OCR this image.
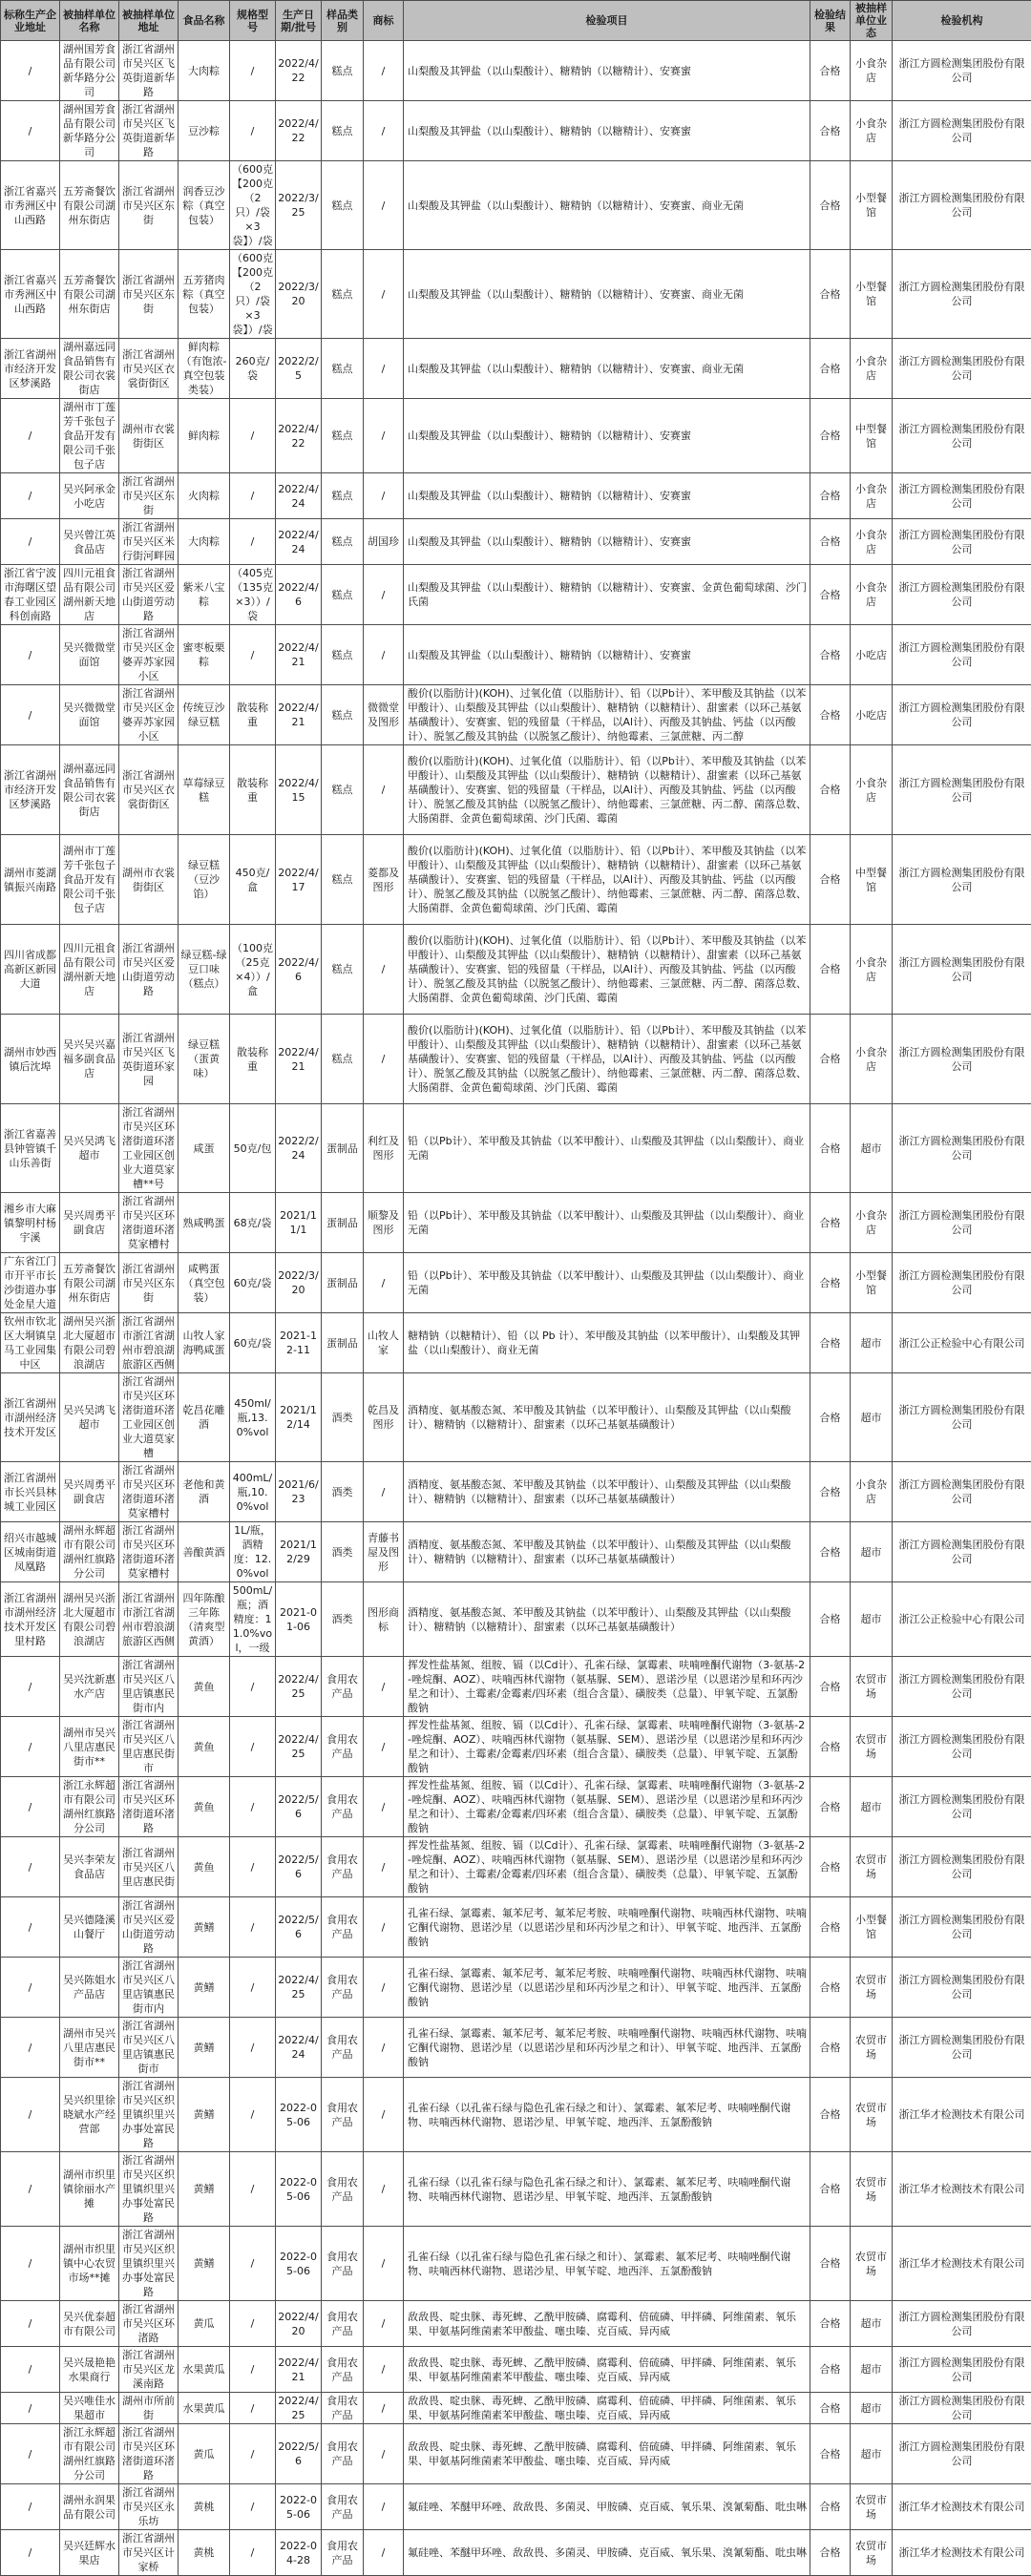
标称生产企业地址	被抽样单位名称	被抽样单位地址	食品名称	规格型号	生产日期/批号	样品类别	商标	检验项目	检验结果	被抽样单位业态	检验机构
/	湖州国芳食品有限公司新华路分公司	浙江省湖州市吴兴区飞英街道新华路	大肉粽	/	2022/4/22	糕点	/	山梨酸及其钾盐（以山梨酸计）、糖精钠（以糖精计）、安赛蜜	合格	小食杂店	浙江方圆检测集团股份有限公司
/	湖州国芳食品有限公司新华路分公司	浙江省湖州市吴兴区飞英街道新华路	豆沙粽	/	2022/4/22	糕点	/	山梨酸及其钾盐（以山梨酸计）、糖精钠（以糖精计）、安赛蜜	合格	小食杂店	浙江方圆检测集团股份有限公司
浙江省嘉兴市秀洲区中山西路	五芳斋餐饮有限公司湖州东街店	浙江省湖州市吴兴区东街	润香豆沙粽（真空包装）	（600克【200克（2只）/袋×3袋】）/袋	2022/3/25	糕点	/	山梨酸及其钾盐（以山梨酸计）、糖精钠（以糖精计）、安赛蜜、商业无菌	合格	小型餐馆	浙江方圆检测集团股份有限公司
浙江省嘉兴市秀洲区中山西路	五芳斋餐饮有限公司湖州东街店	浙江省湖州市吴兴区东街	五芳猪肉粽（真空包装）	（600克【200克（2只）/袋×3袋】）/袋	2022/3/20	糕点	/	山梨酸及其钾盐（以山梨酸计）、糖精钠（以糖精计）、安赛蜜、商业无菌	合格	小型餐馆	浙江方圆检测集团股份有限公司
浙江省湖州市经济开发区梦溪路	湖州嘉远同食品销售有限公司衣裳街店	浙江省湖州市吴兴区衣裳街街区	鲜肉粽（有饱浓-真空包装类装）	260克/袋	2022/2/5	糕点	/	山梨酸及其钾盐（以山梨酸计）、糖精钠（以糖精计）、安赛蜜、商业无菌	合格	小食杂店	浙江方圆检测集团股份有限公司
/	湖州市丁莲芳千张包子食品开发有限公司千张包子店	湖州市衣裳街街区	鲜肉粽	/	2022/4/22	糕点	/	山梨酸及其钾盐（以山梨酸计）、糖精钠（以糖精计）、安赛蜜	合格	中型餐馆	浙江方圆检测集团股份有限公司
/	吴兴阿承金小吃店	浙江省湖州市吴兴区东街	火肉粽	/	2022/4/24	糕点	/	山梨酸及其钾盐（以山梨酸计）、糖精钠（以糖精计）、安赛蜜	合格	小食杂店	浙江方圆检测集团股份有限公司
/	吴兴曾江英食品店	浙江省湖州市吴兴区米行街河畔园	大肉粽	/	2022/4/24	糕点	胡国珍	山梨酸及其钾盐（以山梨酸计）、糖精钠（以糖精计）、安赛蜜	合格	小食杂店	浙江方圆检测集团股份有限公司
浙江省宁波市海曙区望春工业园区科创南路	四川元祖食品有限公司湖州新天地店	浙江省湖州市吴兴区爱山街道劳动路	紫米八宝粽	（405克（135克×3））/袋	2022/4/6	糕点	/	山梨酸及其钾盐（以山梨酸计）、糖精钠（以糖精计）、安赛蜜、金黄色葡萄球菌、沙门氏菌	合格	小食杂店	浙江方圆检测集团股份有限公司
/	吴兴微微堂面馆	浙江省湖州市吴兴区金婆弄苏家园小区	蜜枣板栗粽	/	2022/4/21	糕点	/	山梨酸及其钾盐（以山梨酸计）、糖精钠（以糖精计）、安赛蜜	合格	小吃店	浙江方圆检测集团股份有限公司
/	吴兴微微堂面馆	浙江省湖州市吴兴区金婆弄苏家园小区	传统豆沙绿豆糕	散装称重	2022/4/21	糕点	微微堂及图形	酸价(以脂肪计)(KOH)、过氧化值（以脂肪计）、铅（以Pb计）、苯甲酸及其钠盐（以苯甲酸计）、山梨酸及其钾盐（以山梨酸计）、糖精钠（以糖精计）、甜蜜素（以环己基氨基磺酸计）、安赛蜜、铝的残留量（干样品，以Al计）、丙酸及其钠盐、钙盐（以丙酸计）、脱氢乙酸及其钠盐（以脱氢乙酸计）、纳他霉素、三氯蔗糖、丙二醇	合格	小吃店	浙江方圆检测集团股份有限公司
浙江省湖州市经济开发区梦溪路	湖州嘉远同食品销售有限公司衣裳街店	浙江省湖州市吴兴区衣裳街街区	草莓绿豆糕	散装称重	2022/4/15	糕点	/	酸价(以脂肪计)(KOH)、过氧化值（以脂肪计）、铅（以Pb计）、苯甲酸及其钠盐（以苯甲酸计）、山梨酸及其钾盐（以山梨酸计）、糖精钠（以糖精计）、甜蜜素（以环己基氨基磺酸计）、安赛蜜、铝的残留量（干样品，以Al计）、丙酸及其钠盐、钙盐（以丙酸计）、脱氢乙酸及其钠盐（以脱氢乙酸计）、纳他霉素、三氯蔗糖、丙二醇、菌落总数、大肠菌群、金黄色葡萄球菌、沙门氏菌、霉菌	合格	小食杂店	浙江方圆检测集团股份有限公司
湖州市菱湖镇振兴南路	湖州市丁莲芳千张包子食品开发有限公司千张包子店	湖州市衣裳街街区	绿豆糕（豆沙馅）	450克/盒	2022/4/17	糕点	菱都及图形	酸价(以脂肪计)(KOH)、过氧化值（以脂肪计）、铅（以Pb计）、苯甲酸及其钠盐（以苯甲酸计）、山梨酸及其钾盐（以山梨酸计）、糖精钠（以糖精计）、甜蜜素（以环己基氨基磺酸计）、安赛蜜、铝的残留量（干样品，以Al计）、丙酸及其钠盐、钙盐（以丙酸计）、脱氢乙酸及其钠盐（以脱氢乙酸计）、纳他霉素、三氯蔗糖、丙二醇、菌落总数、大肠菌群、金黄色葡萄球菌、沙门氏菌、霉菌	合格	中型餐馆	浙江方圆检测集团股份有限公司
四川省成都高新区新园大道	四川元祖食品有限公司湖州新天地店	浙江省湖州市吴兴区爱山街道劳动路	绿豆糕-绿豆口味（糕点）	（100克（25克×4））/盒	2022/4/6	糕点	/	酸价(以脂肪计)(KOH)、过氧化值（以脂肪计）、铅（以Pb计）、苯甲酸及其钠盐（以苯甲酸计）、山梨酸及其钾盐（以山梨酸计）、糖精钠（以糖精计）、甜蜜素（以环己基氨基磺酸计）、安赛蜜、铝的残留量（干样品，以Al计）、丙酸及其钠盐、钙盐（以丙酸计）、脱氢乙酸及其钠盐（以脱氢乙酸计）、纳他霉素、三氯蔗糖、丙二醇、菌落总数、大肠菌群、金黄色葡萄球菌、沙门氏菌、霉菌	合格	小食杂店	浙江方圆检测集团股份有限公司
湖州市妙西镇后沈埠	吴兴吴兴嘉福多副食品店	浙江省湖州市吴兴区飞英街道环家园	绿豆糕（蛋黄味）	散装称重	2022/4/21	糕点	/	酸价(以脂肪计)(KOH)、过氧化值（以脂肪计）、铅（以Pb计）、苯甲酸及其钠盐（以苯甲酸计）、山梨酸及其钾盐（以山梨酸计）、糖精钠（以糖精计）、甜蜜素（以环己基氨基磺酸计）、安赛蜜、铝的残留量（干样品，以Al计）、丙酸及其钠盐、钙盐（以丙酸计）、脱氢乙酸及其钠盐（以脱氢乙酸计）、纳他霉素、三氯蔗糖、丙二醇、菌落总数、大肠菌群、金黄色葡萄球菌、沙门氏菌、霉菌	合格	小食杂店	浙江方圆检测集团股份有限公司
浙江省嘉善县钟管镇千山乐善街	吴兴吴鸿飞超市	浙江省湖州市吴兴区环渚街道环渚工业园区创业大道莫家槽**号	咸蛋	50克/包	2022/2/24	蛋制品	利红及图形	铅（以Pb计）、苯甲酸及其钠盐（以苯甲酸计）、山梨酸及其钾盐（以山梨酸计）、商业无菌	合格	超市	浙江方圆检测集团股份有限公司
湘乡市大麻镇黎明村杨宇溪	吴兴周勇平副食店	浙江省湖州市吴兴区环渚街道环渚莫家槽村	熟咸鸭蛋	68克/袋	2021/11/1	蛋制品	顺黎及图形	铅（以Pb计）、苯甲酸及其钠盐（以苯甲酸计）、山梨酸及其钾盐（以山梨酸计）、商业无菌	合格	小食杂店	浙江方圆检测集团股份有限公司
广东省江门市开平市长沙街道办事处金星大道	五芳斋餐饮有限公司湖州东街店	浙江省湖州市吴兴区东街	咸鸭蛋（真空包装）	60克/袋	2022/3/20	蛋制品	/	铅（以Pb计）、苯甲酸及其钠盐（以苯甲酸计）、山梨酸及其钾盐（以山梨酸计）、商业无菌	合格	小型餐馆	浙江方圆检测集团股份有限公司
钦州市钦北区大垌镇皇马工业园集中区	湖州吴兴浙北大厦超市有限公司碧浪湖店	浙江省湖州市浙江省湖州市碧浪湖旅游区西侧	山牧人家海鸭咸蛋	60克/袋	2021-12-11	蛋制品	山牧人家	糖精钠（以糖精计）、铅（以 Pb 计）、苯甲酸及其钠盐（以苯甲酸计）、山梨酸及其钾盐（以山梨酸计）、商业无菌	合格	超市	浙江公正检验中心有限公司
浙江省湖州市湖州经济技术开发区	吴兴吴鸿飞超市	浙江省湖州市吴兴区环渚街道环渚工业园区创业大道莫家槽	乾昌花雕酒	450ml/瓶,13.0%vol	2021/12/14	酒类	乾昌及图形	酒精度、氨基酸态氮、苯甲酸及其钠盐（以苯甲酸计）、山梨酸及其钾盐（以山梨酸计）、糖精钠（以糖精计）、甜蜜素（以环己基氨基磺酸计）	合格	超市	浙江方圆检测集团股份有限公司
浙江省湖州市长兴县林城工业园区	吴兴周勇平副食店	浙江省湖州市吴兴区环渚街道环渚莫家槽村	老他和黄酒	400mL/瓶,10.0%vol	2021/6/23	酒类	/	酒精度、氨基酸态氮、苯甲酸及其钠盐（以苯甲酸计）、山梨酸及其钾盐（以山梨酸计）、糖精钠（以糖精计）、甜蜜素（以环己基氨基磺酸计）	合格	小食杂店	浙江方圆检测集团股份有限公司
绍兴市越城区城南街道凤凰路	湖州永辉超市有限公司湖州红旗路分公司	浙江省湖州市吴兴区环渚街道环渚莫家槽村	善酿黄酒	1L/瓶，酒精度：12.0%vol	2021/12/29	酒类	青藤书屋及图形	酒精度、氨基酸态氮、苯甲酸及其钠盐（以苯甲酸计）、山梨酸及其钾盐（以山梨酸计）、糖精钠（以糖精计）、甜蜜素（以环己基氨基磺酸计）	合格	超市	浙江方圆检测集团股份有限公司
浙江省湖州市湖州经济技术开发区里村路	湖州吴兴浙北大厦超市有限公司碧浪湖店	浙江省湖州市浙江省湖州市碧浪湖旅游区西侧	四年陈酿三年陈（清爽型黄酒）	500mL/瓶；酒精度：11.0%vol，一级	2021-01-06	酒类	图形商标	酒精度、氨基酸态氮、苯甲酸及其钠盐（以苯甲酸计）、山梨酸及其钾盐（以山梨酸计）、糖精钠（以糖精计）、甜蜜素（以环己基氨基磺酸计）	合格	超市	浙江公正检验中心有限公司
/	吴兴沈新惠水产店	浙江省湖州市吴兴区八里店镇惠民街市内	黄鱼	/	2022/4/25	食用农产品	/	挥发性盐基氮、组胺、镉（以Cd计）、孔雀石绿、氯霉素、呋喃唑酮代谢物（3-氨基-2-唑烷酮、AOZ）、呋喃西林代谢物（氨基脲、SEM）、恩诺沙星（以恩诺沙星和环丙沙星之和计）、土霉素/金霉素/四环素（组合含量）、磺胺类（总量）、甲氧苄啶、五氯酚酸钠	合格	农贸市场	浙江方圆检测集团股份有限公司
/	湖州市吴兴八里店惠民街市**	浙江省湖州市吴兴区八里店惠民街市	黄鱼	/	2022/4/25	食用农产品	/	挥发性盐基氮、组胺、镉（以Cd计）、孔雀石绿、氯霉素、呋喃唑酮代谢物（3-氨基-2-唑烷酮、AOZ）、呋喃西林代谢物（氨基脲、SEM）、恩诺沙星（以恩诺沙星和环丙沙星之和计）、土霉素/金霉素/四环素（组合含量）、磺胺类（总量）、甲氧苄啶、五氯酚酸钠	合格	农贸市场	浙江方圆检测集团股份有限公司
/	浙江永辉超市有限公司湖州红旗路分公司	浙江省湖州市吴兴区环渚街道环渚路	黄鱼	/	2022/5/6	食用农产品	/	挥发性盐基氮、组胺、镉（以Cd计）、孔雀石绿、氯霉素、呋喃唑酮代谢物（3-氨基-2-唑烷酮、AOZ）、呋喃西林代谢物（氨基脲、SEM）、恩诺沙星（以恩诺沙星和环丙沙星之和计）、土霉素/金霉素/四环素（组合含量）、磺胺类（总量）、甲氧苄啶、五氯酚酸钠	合格	超市	浙江方圆检测集团股份有限公司
/	吴兴李荣友食品店	浙江省湖州市吴兴区八里店惠民街	黄鱼	/	2022/5/6	食用农产品	/	挥发性盐基氮、组胺、镉（以Cd计）、孔雀石绿、氯霉素、呋喃唑酮代谢物（3-氨基-2-唑烷酮、AOZ）、呋喃西林代谢物（氨基脲、SEM）、恩诺沙星（以恩诺沙星和环丙沙星之和计）、土霉素/金霉素/四环素（组合含量）、磺胺类（总量）、甲氧苄啶、五氯酚酸钠	合格	农贸市场	浙江方圆检测集团股份有限公司
/	吴兴德隆溪山餐厅	浙江省湖州市吴兴区爱山街道劳动路	黄鳝	/	2022/5/6	食用农产品	/	孔雀石绿、氯霉素、氟苯尼考、氟苯尼考胺、呋喃唑酮代谢物、呋喃西林代谢物、呋喃它酮代谢物、恩诺沙星（以恩诺沙星和环丙沙星之和计）、甲氧苄啶、地西泮、五氯酚酸钠	合格	小型餐馆	浙江方圆检测集团股份有限公司
/	吴兴陈姐水产品店	浙江省湖州市吴兴区八里店镇惠民街市内	黄鳝	/	2022/4/25	食用农产品	/	孔雀石绿、氯霉素、氟苯尼考、氟苯尼考胺、呋喃唑酮代谢物、呋喃西林代谢物、呋喃它酮代谢物、恩诺沙星（以恩诺沙星和环丙沙星之和计）、甲氧苄啶、地西泮、五氯酚酸钠	合格	农贸市场	浙江方圆检测集团股份有限公司
/	湖州市吴兴八里店惠民街市**	浙江省湖州市吴兴区八里店镇惠民街市	黄鳝	/	2022/4/24	食用农产品	/	孔雀石绿、氯霉素、氟苯尼考、氟苯尼考胺、呋喃唑酮代谢物、呋喃西林代谢物、呋喃它酮代谢物、恩诺沙星（以恩诺沙星和环丙沙星之和计）、甲氧苄啶、地西泮、五氯酚酸钠	合格	农贸市场	浙江方圆检测集团股份有限公司
/	吴兴织里徐晓斌水产经营部	浙江省湖州市吴兴区织里镇织里兴办事处富民路	黄鳝	/	2022-05-06	食用农产品	/	孔雀石绿（以孔雀石绿与隐色孔雀石绿之和计）、氯霉素、氟苯尼考、呋喃唑酮代谢物、呋喃西林代谢物、恩诺沙星、甲氧苄啶、地西泮、五氯酚酸钠	合格	农贸市场	浙江华才检测技术有限公司
/	湖州市织里镇徐丽水产摊	浙江省湖州市吴兴区织里镇织里兴办事处富民路	黄鳝	/	2022-05-06	食用农产品	/	孔雀石绿（以孔雀石绿与隐色孔雀石绿之和计）、氯霉素、氟苯尼考、呋喃唑酮代谢物、呋喃西林代谢物、恩诺沙星、甲氧苄啶、地西泮、五氯酚酸钠	合格	农贸市场	浙江华才检测技术有限公司
/	湖州市织里镇中心农贸市场**摊	浙江省湖州市吴兴区织里镇织里兴办事处富民路	黄鳝	/	2022-05-06	食用农产品	/	孔雀石绿（以孔雀石绿与隐色孔雀石绿之和计）、氯霉素、氟苯尼考、呋喃唑酮代谢物、呋喃西林代谢物、恩诺沙星、甲氧苄啶、地西泮、五氯酚酸钠	合格	农贸市场	浙江华才检测技术有限公司
/	吴兴优泰超市有限公司	浙江省湖州市吴兴区环渚路	黄瓜	/	2022/4/20	食用农产品	/	敌敌畏、啶虫脒、毒死蜱、乙酰甲胺磷、腐霉利、倍硫磷、甲拌磷、阿维菌素、氧乐果、甲氨基阿维菌素苯甲酸盐、噻虫嗪、克百威、异丙威	合格	超市	浙江方圆检测集团股份有限公司
/	吴兴晟艳艳水果商行	浙江省湖州市吴兴区龙溪南路	水果黄瓜	/	2022/4/21	食用农产品	/	敌敌畏、啶虫脒、毒死蜱、乙酰甲胺磷、腐霉利、倍硫磷、甲拌磷、阿维菌素、氧乐果、甲氨基阿维菌素苯甲酸盐、噻虫嗪、克百威、异丙威	合格	超市	浙江方圆检测集团股份有限公司
/	吴兴唯佳水果超市	湖州市所前街	水果黄瓜	/	2022/4/25	食用农产品	/	敌敌畏、啶虫脒、毒死蜱、乙酰甲胺磷、腐霉利、倍硫磷、甲拌磷、阿维菌素、氧乐果、甲氨基阿维菌素苯甲酸盐、噻虫嗪、克百威、异丙威	合格	超市	浙江方圆检测集团股份有限公司
/	浙江永辉超市有限公司湖州红旗路分公司	浙江省湖州市吴兴区环渚街道环渚路	黄瓜	/	2022/5/6	食用农产品	/	敌敌畏、啶虫脒、毒死蜱、乙酰甲胺磷、腐霉利、倍硫磷、甲拌磷、阿维菌素、氧乐果、甲氨基阿维菌素苯甲酸盐、噻虫嗪、克百威、异丙威	合格	超市	浙江方圆检测集团股份有限公司
/	湖州永润果品有限公司	浙江省湖州市吴兴区永乐坊	黄桃	/	2022-05-06	食用农产品	/	氟硅唑、苯醚甲环唑、敌敌畏、多菌灵、甲胺磷、克百威、氧乐果、溴氰菊酯、吡虫啉	合格	农贸市场	浙江华才检测技术有限公司
/	吴兴廷辉水果店	浙江省湖州市吴兴区计家桥	黄桃	/	2022-04-28	食用农产品	/	氟硅唑、苯醚甲环唑、敌敌畏、多菌灵、甲胺磷、克百威、氧乐果、溴氰菊酯、吡虫啉	合格	农贸市场	浙江华才检测技术有限公司
